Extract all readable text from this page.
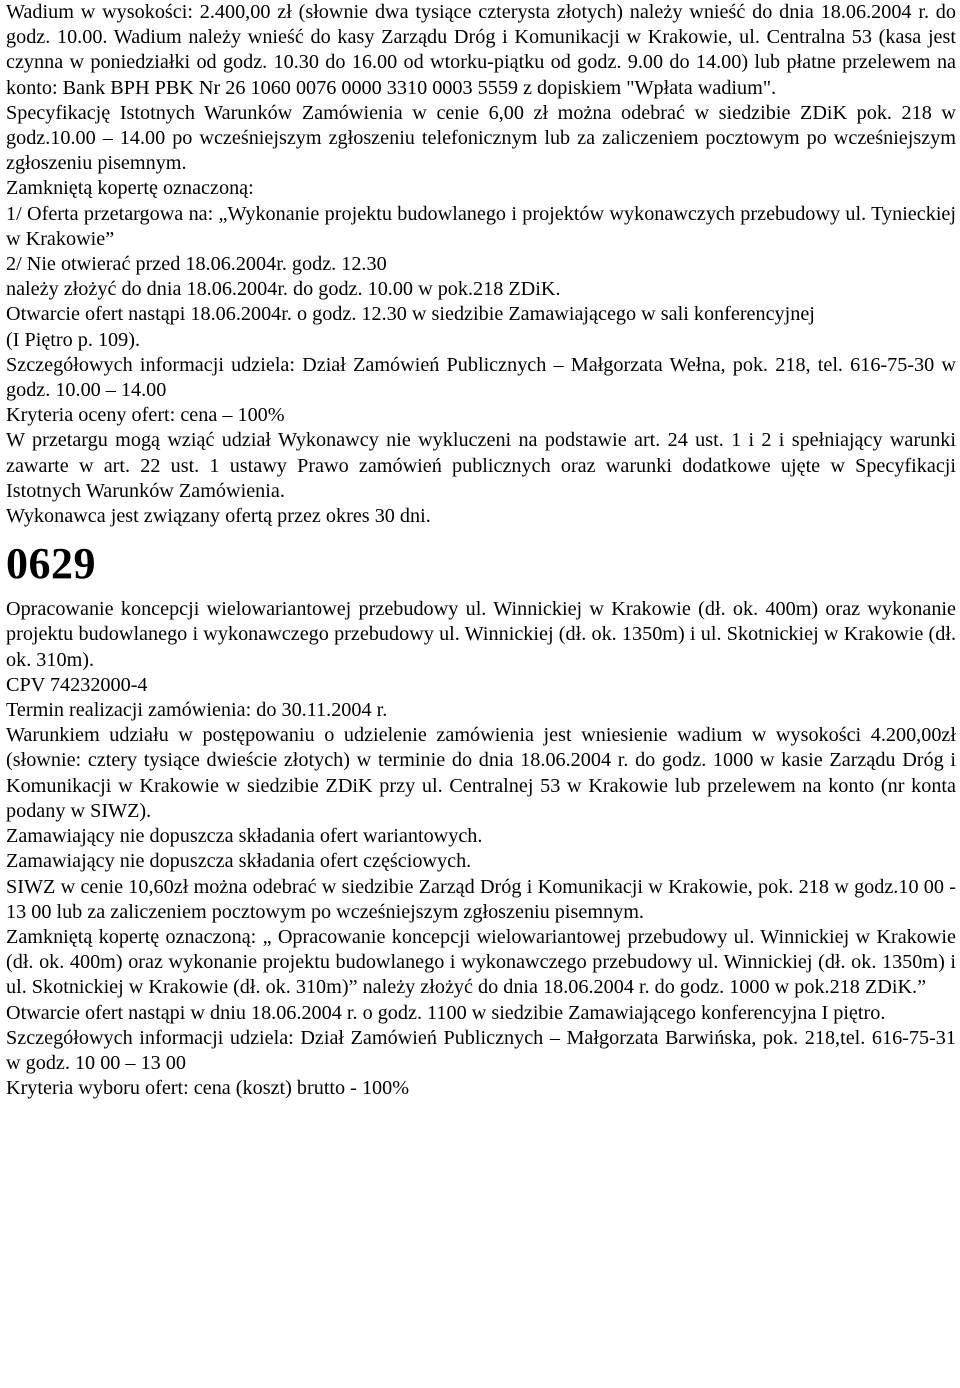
Wadium w wysokości: 2.400,00 zł (słownie dwa tysiące czterysta złotych) należy wnieść do dnia 18.06.2004 r. do godz. 10.00. Wadium należy wnieść do kasy Zarządu Dróg i Komunikacji w Krakowie, ul. Centralna 53 (kasa jest czynna w poniedziałki od godz. 10.30 do 16.00 od wtorku-piątku od godz. 9.00 do 14.00) lub płatne przelewem na konto: Bank BPH PBK Nr 26 1060 0076 0000 3310 0003 5559 z dopiskiem "Wpłata wadium".

Specyfikację Istotnych Warunków Zamówienia w cenie 6,00 zł można odebrać w siedzibie ZDiK pok. 218 w godz.10.00 – 14.00 po wcześniejszym zgłoszeniu telefonicznym lub za zaliczeniem pocztowym po wcześniejszym zgłoszeniu pisemnym.

Zamkniętą kopertę oznaczoną:

1/ Oferta przetargowa na: „Wykonanie projektu budowlanego i projektów wykonawczych przebudowy ul. Tynieckiej w Krakowie”

2/ Nie otwierać przed 18.06.2004r. godz. 12.30

należy złożyć do dnia 18.06.2004r. do godz. 10.00 w pok.218 ZDiK.

Otwarcie ofert nastąpi 18.06.2004r. o godz. 12.30 w siedzibie Zamawiającego w sali konferencyjnej

(I Piętro p. 109).

Szczegółowych informacji udziela: Dział Zamówień Publicznych – Małgorzata Wełna, pok. 218, tel. 616-75-30 w godz. 10.00 – 14.00

Kryteria oceny ofert: cena – 100%

W przetargu mogą wziąć udział Wykonawcy nie wykluczeni na podstawie art. 24 ust. 1 i 2 i spełniający warunki zawarte w art. 22 ust. 1 ustawy Prawo zamówień publicznych oraz warunki dodatkowe ujęte w Specyfikacji Istotnych Warunków Zamówienia.

Wykonawca jest związany ofertą przez okres 30 dni.

0629

Opracowanie koncepcji wielowariantowej przebudowy ul. Winnickiej w Krakowie (dł. ok. 400m) oraz wykonanie projektu budowlanego i wykonawczego przebudowy ul. Winnickiej (dł. ok. 1350m) i ul. Skotnickiej w Krakowie (dł. ok. 310m).

CPV 74232000-4

Termin realizacji zamówienia: do 30.11.2004 r.

Warunkiem udziału w postępowaniu o udzielenie zamówienia jest wniesienie wadium w wysokości 4.200,00zł (słownie: cztery tysiące dwieście złotych) w terminie do dnia 18.06.2004 r. do godz. 1000 w kasie Zarządu Dróg i Komunikacji w Krakowie w siedzibie ZDiK przy ul. Centralnej 53 w Krakowie lub przelewem na konto (nr konta podany w SIWZ).

Zamawiający nie dopuszcza składania ofert wariantowych.

Zamawiający nie dopuszcza składania ofert częściowych.

SIWZ w cenie 10,60zł można odebrać w siedzibie Zarząd Dróg i Komunikacji w Krakowie, pok. 218 w godz.10 00 - 13 00 lub za zaliczeniem pocztowym po wcześniejszym zgłoszeniu pisemnym.

Zamkniętą kopertę oznaczoną: „ Opracowanie koncepcji wielowariantowej przebudowy ul. Winnickiej w Krakowie (dł. ok. 400m) oraz wykonanie projektu budowlanego i wykonawczego przebudowy ul. Winnickiej (dł. ok. 1350m) i ul. Skotnickiej w Krakowie (dł. ok. 310m)” należy złożyć do dnia 18.06.2004 r. do godz. 1000 w pok.218 ZDiK.”

Otwarcie ofert nastąpi w dniu 18.06.2004 r. o godz. 1100 w siedzibie Zamawiającego konferencyjna I piętro.

Szczegółowych informacji udziela: Dział Zamówień Publicznych – Małgorzata Barwińska, pok. 218,tel. 616-75-31 w godz. 10 00 – 13 00

Kryteria wyboru ofert: cena (koszt) brutto - 100%
